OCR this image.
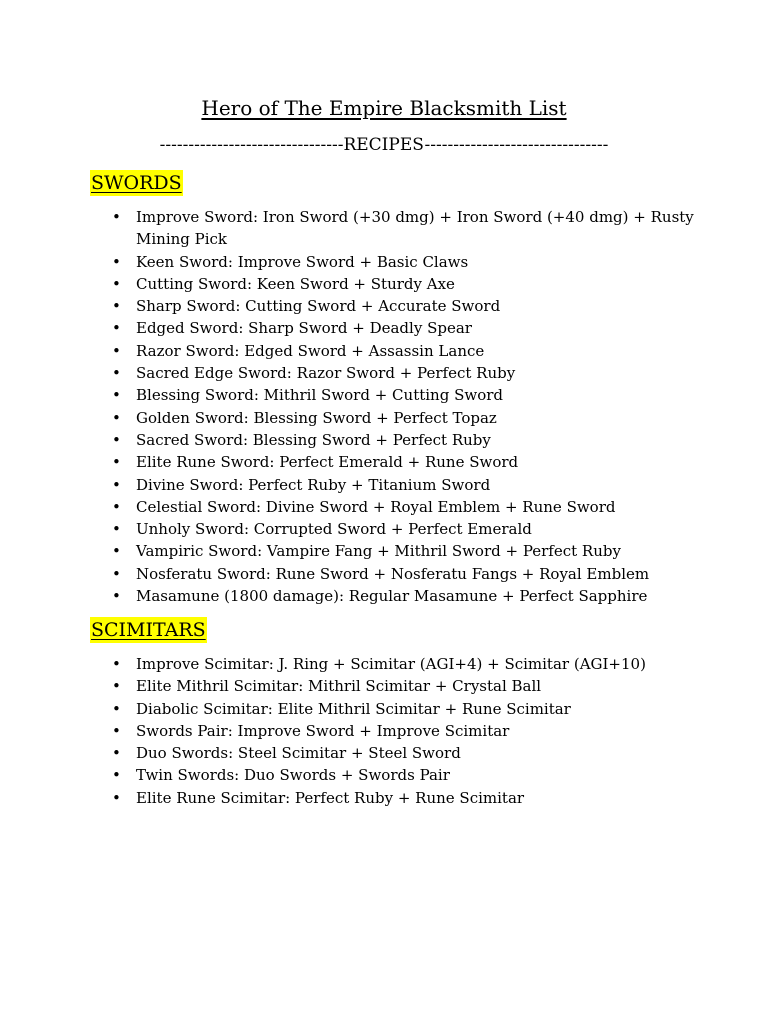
Hero of The Empire Blacksmith List
--------------------------------RECIPES--------------------------------
SWORDS
• Improve Sword: Iron Sword (+30 dmg) + Iron Sword (+40 dmg) + Rusty Mining Pick
• Keen Sword: Improve Sword + Basic Claws
• Cutting Sword: Keen Sword + Sturdy Axe
• Sharp Sword: Cutting Sword + Accurate Sword
• Edged Sword: Sharp Sword + Deadly Spear
• Razor Sword: Edged Sword + Assassin Lance
• Sacred Edge Sword: Razor Sword + Perfect Ruby
• Blessing Sword: Mithril Sword + Cutting Sword
• Golden Sword: Blessing Sword + Perfect Topaz
• Sacred Sword: Blessing Sword + Perfect Ruby
• Elite Rune Sword: Perfect Emerald + Rune Sword
• Divine Sword: Perfect Ruby + Titanium Sword
• Celestial Sword: Divine Sword + Royal Emblem + Rune Sword
• Unholy Sword: Corrupted Sword + Perfect Emerald
• Vampiric Sword: Vampire Fang + Mithril Sword + Perfect Ruby
• Nosferatu Sword: Rune Sword + Nosferatu Fangs + Royal Emblem
• Masamune (1800 damage): Regular Masamune + Perfect Sapphire
SCIMITARS
• Improve Scimitar: J. Ring + Scimitar (AGI+4) + Scimitar (AGI+10)
• Elite Mithril Scimitar: Mithril Scimitar + Crystal Ball
• Diabolic Scimitar: Elite Mithril Scimitar + Rune Scimitar
• Swords Pair: Improve Sword + Improve Scimitar
• Duo Swords: Steel Scimitar + Steel Sword
• Twin Swords: Duo Swords + Swords Pair
• Elite Rune Scimitar: Perfect Ruby + Rune Scimitar
